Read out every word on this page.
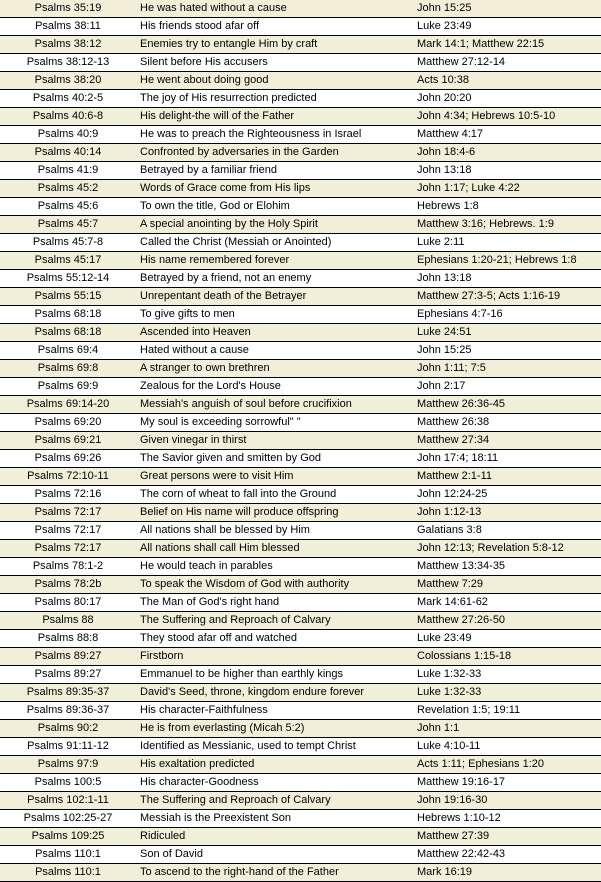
Psalms 35:19	He was hated without a cause	John 15:25
Psalms 38:11	His friends stood afar off	Luke 23:49
Psalms 38:12	Enemies try to entangle Him by craft	Mark 14:1; Matthew 22:15
Psalms 38:12-13	Silent before His accusers	Matthew 27:12-14
Psalms 38:20	He went about doing good	Acts 10:38
Psalms 40:2-5	The joy of His resurrection predicted	John 20:20
Psalms 40:6-8	His delight-the will of the Father	John 4:34; Hebrews 10:5-10
Psalms 40:9	He was to preach the Righteousness in Israel	Matthew 4:17
Psalms 40:14	Confronted by adversaries in the Garden	John 18:4-6
Psalms 41:9	Betrayed by a familiar friend	John 13:18
Psalms 45:2	Words of Grace come from His lips	John 1:17; Luke 4:22
Psalms 45:6	To own the title, God or Elohim	Hebrews 1:8
Psalms 45:7	A special anointing by the Holy Spirit	Matthew 3:16; Hebrews. 1:9
Psalms 45:7-8	Called the Christ (Messiah or Anointed)	Luke 2:11
Psalms 45:17	His name remembered forever	Ephesians 1:20-21; Hebrews 1:8
Psalms 55:12-14	Betrayed by a friend, not an enemy	John 13:18
Psalms 55:15	Unrepentant death of the Betrayer	Matthew 27:3-5; Acts 1:16-19
Psalms 68:18	To give gifts to men	Ephesians 4:7-16
Psalms 68:18	Ascended into Heaven	Luke 24:51
Psalms 69:4	Hated without a cause	John 15:25
Psalms 69:8	A stranger to own brethren	John 1:11; 7:5
Psalms 69:9	Zealous for the Lord's House	John 2:17
Psalms 69:14-20	Messiah's anguish of soul before crucifixion	Matthew 26:36-45
Psalms 69:20	My soul is exceeding sorrowful" "	Matthew 26:38
Psalms 69:21	Given vinegar in thirst	Matthew 27:34
Psalms 69:26	The Savior given and smitten by God	John 17:4; 18:11
Psalms 72:10-11	Great persons were to visit Him	Matthew 2:1-11
Psalms 72:16	The corn of wheat to fall into the Ground	John 12:24-25
Psalms 72:17	Belief on His name will produce offspring	John 1:12-13
Psalms 72:17	All nations shall be blessed by Him	Galatians 3:8
Psalms 72:17	All nations shall call Him blessed	John 12:13; Revelation 5:8-12
Psalms 78:1-2	He would teach in parables	Matthew 13:34-35
Psalms 78:2b	To speak the Wisdom of God with authority	Matthew 7:29
Psalms 80:17	The Man of God's right hand	Mark 14:61-62
Psalms 88	The Suffering and Reproach of Calvary	Matthew 27:26-50
Psalms 88:8	They stood afar off and watched	Luke 23:49
Psalms 89:27	Firstborn	Colossians 1:15-18
Psalms 89:27	Emmanuel to be higher than earthly kings	Luke 1:32-33
Psalms 89:35-37	David's Seed, throne, kingdom endure forever	Luke 1:32-33
Psalms 89:36-37	His character-Faithfulness	Revelation 1:5; 19:11
Psalms 90:2	He is from everlasting (Micah 5:2)	John 1:1
Psalms 91:11-12	Identified as Messianic, used to tempt Christ	Luke 4:10-11
Psalms 97:9	His exaltation predicted	Acts 1:11; Ephesians 1:20
Psalms 100:5	His character-Goodness	Matthew 19:16-17
Psalms 102:1-11	The Suffering and Reproach of Calvary	John 19:16-30
Psalms 102:25-27	Messiah is the Preexistent Son	Hebrews 1:10-12
Psalms 109:25	Ridiculed	Matthew 27:39
Psalms 110:1	Son of David	Matthew 22:42-43
Psalms 110:1	To ascend to the right-hand of the Father	Mark 16:19
